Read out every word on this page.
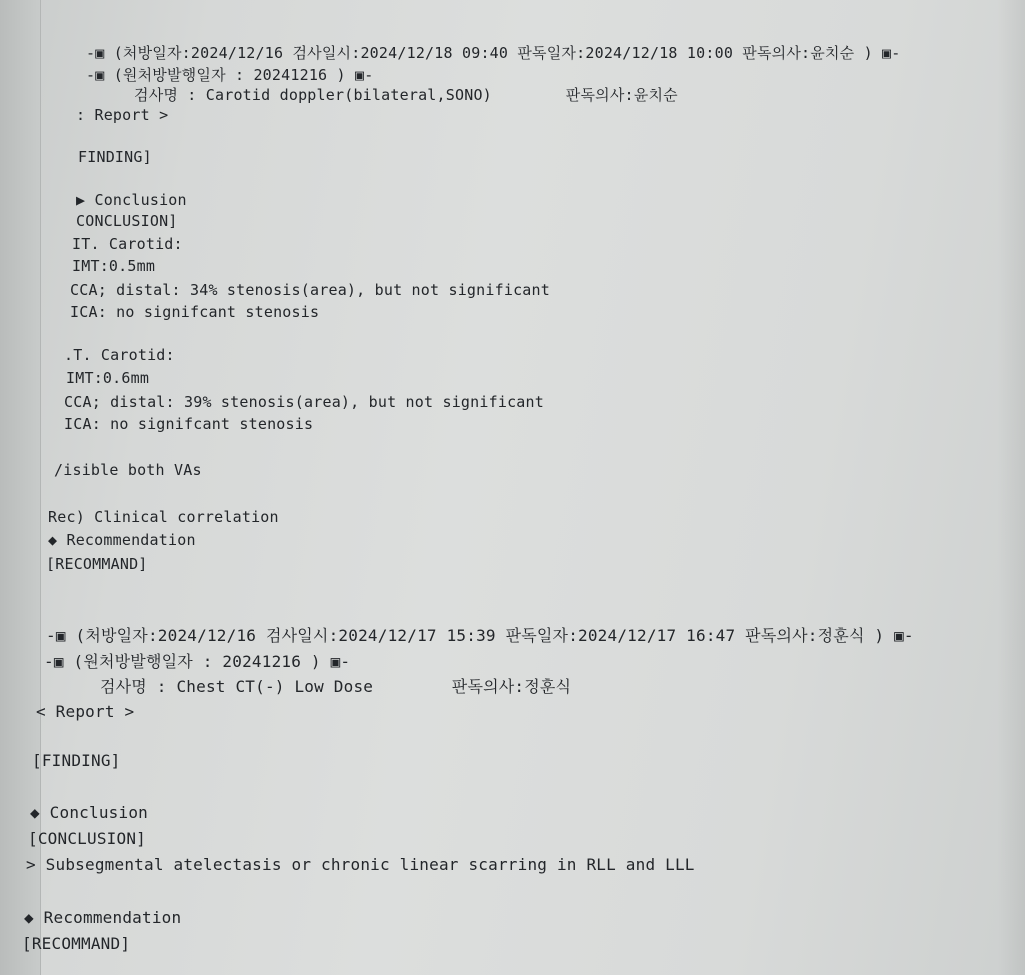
-▣ (처방일자:2024/12/16 검사일시:2024/12/18 09:40 판독일자:2024/12/18 10:00 판독의사:윤치순 ) ▣-
-▣ (원처방발행일자 : 20241216 ) ▣-
검사명 : Carotid doppler(bilateral,SONO)        판독의사:윤치순
: Report >
FINDING]
▶ Conclusion
CONCLUSION]
IT. Carotid:
IMT:0.5mm
CCA; distal: 34% stenosis(area), but not significant
ICA: no signifcant stenosis
.T. Carotid:
IMT:0.6mm
CCA; distal: 39% stenosis(area), but not significant
ICA: no signifcant stenosis
/isible both VAs
Rec) Clinical correlation
◆ Recommendation
[RECOMMAND]
-▣ (처방일자:2024/12/16 검사일시:2024/12/17 15:39 판독일자:2024/12/17 16:47 판독의사:정훈식 ) ▣-
-▣ (원처방발행일자 : 20241216 ) ▣-
검사명 : Chest CT(-) Low Dose        판독의사:정훈식
< Report >
[FINDING]
◆ Conclusion
[CONCLUSION]
> Subsegmental atelectasis or chronic linear scarring in RLL and LLL
◆ Recommendation
[RECOMMAND]
